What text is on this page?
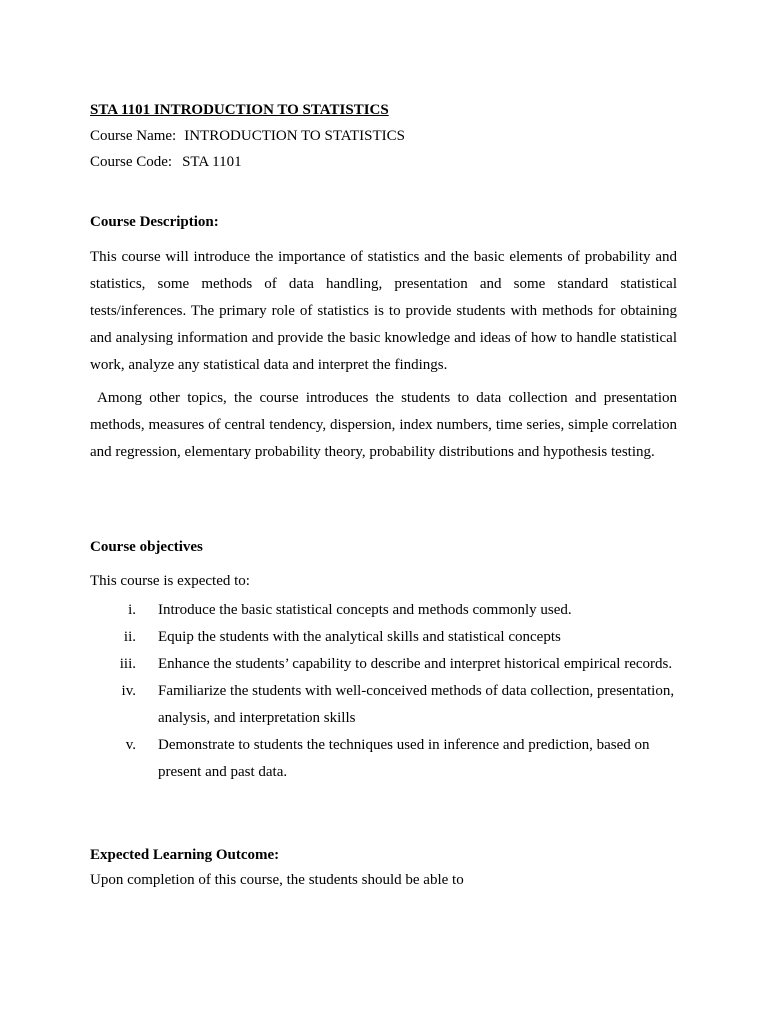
STA 1101 INTRODUCTION TO STATISTICS
Course Name: INTRODUCTION TO STATISTICS
Course Code: STA 1101
Course Description:

This course will introduce the importance of statistics and the basic elements of probability and statistics, some methods of data handling, presentation and some standard statistical tests/inferences. The primary role of statistics is to provide students with methods for obtaining and analysing information and provide the basic knowledge and ideas of how to handle statistical work, analyze any statistical data and interpret the findings.

Among other topics, the course introduces the students to data collection and presentation methods, measures of central tendency, dispersion, index numbers, time series, simple correlation and regression, elementary probability theory, probability distributions and hypothesis testing.

Course objectives
This course is expected to:
i.	Introduce the basic statistical concepts and methods commonly used.
ii.	Equip the students with the analytical skills and statistical concepts
iii.	Enhance the students’ capability to describe and interpret historical empirical records.
iv.	Familiarize the students with well-conceived methods of data collection, presentation, analysis, and interpretation skills
v.	Demonstrate to students the techniques used in inference and prediction, based on present and past data.
Expected Learning Outcome:
Upon completion of this course, the students should be able to
